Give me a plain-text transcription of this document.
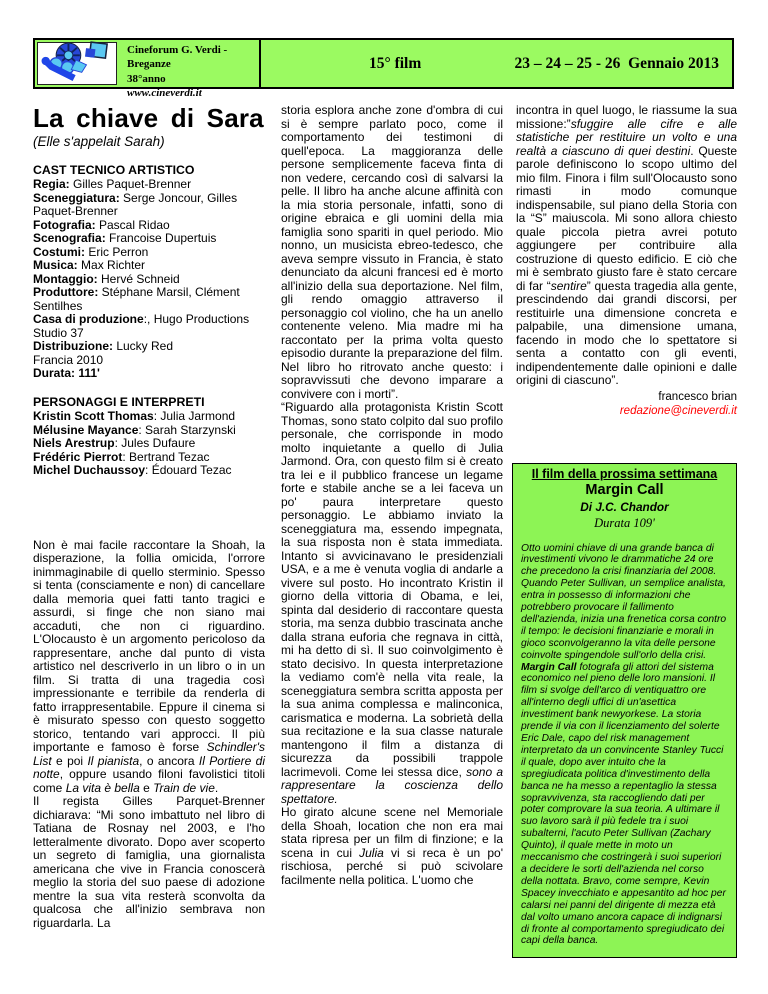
Cineforum G. Verdi - Breganze
38°anno
www.cineverdi.it
15° film	23 – 24 – 25 - 26  Gennaio 2013
La chiave di Sara

(Elle s'appelait Sarah)

CAST TECNICO ARTISTICO

Regia: Gilles Paquet-Brenner

Sceneggiatura: Serge Joncour, Gilles Paquet-Brenner

Fotografia: Pascal Ridao

Scenografia: Francoise Dupertuis

Costumi: Eric Perron

Musica: Max Richter

Montaggio: Hervé Schneid

Produttore: Stéphane Marsil, Clément Sentilhes

Casa di produzione:, Hugo Productions Studio 37

Distribuzione: Lucky Red

Francia 2010

Durata: 111'

PERSONAGGI E INTERPRETI

Kristin Scott Thomas: Julia Jarmond

Mélusine Mayance: Sarah Starzynski

Niels Arestrup: Jules Dufaure

Frédéric Pierrot: Bertrand Tezac

Michel Duchaussoy: Édouard Tezac

Non è mai facile raccontare la Shoah, la disperazione, la follia omicida, l'orrore inimmaginabile di quello sterminio. Spesso si tenta (consciamente e non) di cancellare dalla memoria quei fatti tanto tragici e assurdi, si finge che non siano mai accaduti, che non ci riguardino. L'Olocausto è un argomento pericoloso da rappresentare, anche dal punto di vista artistico nel descriverlo in un libro o in un film. Si tratta di una tragedia così impressionante e terribile da renderla di fatto irrappresentabile. Eppure il cinema si è misurato spesso con questo soggetto storico, tentando vari approcci. Il più importante e famoso è forse Schindler's List e poi Il pianista, o ancora Il Portiere di notte, oppure usando filoni favolistici titoli come La vita è bella e Train de vie.

Il regista Gilles Parquet-Brenner dichiarava: “Mi sono imbattuto nel libro di Tatiana de Rosnay nel 2003, e l'ho letteralmente divorato. Dopo aver scoperto un segreto di famiglia, una giornalista americana che vive in Francia conoscerà meglio la storia del suo paese di adozione mentre la sua vita resterà sconvolta da qualcosa che all'inizio sembrava non riguardarla. La

storia esplora anche zone d'ombra di cui si è sempre parlato poco, come il comportamento dei testimoni di quell'epoca. La maggioranza delle persone semplicemente faceva finta di non vedere, cercando così di salvarsi la pelle. Il libro ha anche alcune affinità con la mia storia personale, infatti, sono di origine ebraica e gli uomini della mia famiglia sono spariti in quel periodo. Mio nonno, un musicista ebreo-tedesco, che aveva sempre vissuto in Francia, è stato denunciato da alcuni francesi ed è morto all'inizio della sua deportazione. Nel film, gli rendo omaggio attraverso il personaggio col violino, che ha un anello contenente veleno. Mia madre mi ha raccontato per la prima volta questo episodio durante la preparazione del film. Nel libro ho ritrovato anche questo: i sopravvissuti che devono imparare a convivere con i morti”.

“Riguardo alla protagonista Kristin Scott Thomas, sono stato colpito dal suo profilo personale, che corrisponde in modo molto inquietante a quello di Julia Jarmond. Ora, con questo film si è creato tra lei e il pubblico francese un legame forte e stabile anche se a lei faceva un po' paura interpretare questo personaggio. Le abbiamo inviato la sceneggiatura ma, essendo impegnata, la sua risposta non è stata immediata. Intanto si avvicinavano le presidenziali USA, e a me è venuta voglia di andarle a vivere sul posto. Ho incontrato Kristin il giorno della vittoria di Obama, e lei, spinta dal desiderio di raccontare questa storia, ma senza dubbio trascinata anche dalla strana euforia che regnava in città, mi ha detto di sì. Il suo coinvolgimento è stato decisivo. In questa interpretazione la vediamo com'è nella vita reale, la sceneggiatura sembra scritta apposta per la sua anima complessa e malinconica, carismatica e moderna. La sobrietà della sua recitazione e la sua classe naturale mantengono il film a distanza di sicurezza da possibili trappole lacrimevoli. Come lei stessa dice, sono a rappresentare la coscienza dello spettatore.

Ho girato alcune scene nel Memoriale della Shoah, location che non era mai stata ripresa per un film di finzione; e la scena in cui Julia vi si reca è un po' rischiosa, perché si può scivolare facilmente nella politica. L'uomo che

incontra in quel luogo, le riassume la sua missione:”sfuggire alle cifre e alle statistiche per restituire un volto e una realtà a ciascuno di quei destini. Queste parole definiscono lo scopo ultimo del mio film. Finora i film sull'Olocausto sono rimasti in modo comunque indispensabile, sul piano della Storia con la “S” maiuscola. Mi sono allora chiesto quale piccola pietra avrei potuto aggiungere per contribuire alla costruzione di questo edificio. E ciò che mi è sembrato giusto fare è stato cercare di far “sentire” questa tragedia alla gente, prescindendo dai grandi discorsi, per restituirle una dimensione concreta e palpabile, una dimensione umana, facendo in modo che lo spettatore si senta a contatto con gli eventi, indipendentemente dalle opinioni e dalle origini di ciascuno”.

francesco brian
redazione@cineverdi.it

Il film della prossima settimana

Margin Call

Di J.C. Chandor

Durata 109'

Otto uomini chiave di una grande banca di investimenti vivono le drammatiche 24 ore che precedono la crisi finanziaria del 2008. Quando Peter Sullivan, un semplice analista, entra in possesso di informazioni che potrebbero provocare il fallimento dell'azienda, inizia una frenetica corsa contro il tempo: le decisioni finanziarie e morali in gioco sconvolgeranno la vita delle persone coinvolte spingendole sull'orlo della crisi. Margin Call fotografa gli attori del sistema economico nel pieno delle loro mansioni. Il film si svolge dell'arco di ventiquattro ore all'interno degli uffici di un'asettica investiment bank newyorkese. La storia prende il via con il licenziamento del solerte Eric Dale, capo del risk management interpretato da un convincente Stanley Tucci il quale, dopo aver intuito che la spregiudicata politica d'investimento della banca ne ha messo a repentaglio la stessa sopravvivenza, sta raccogliendo dati per poter comprovare la sua teoria. A ultimare il suo lavoro sarà il più fedele tra i suoi subalterni, l'acuto Peter Sullivan (Zachary Quinto), il quale mette in moto un meccanismo che costringerà i suoi superiori a decidere le sorti dell'azienda nel corso della nottata. Bravo, come sempre, Kevin Spacey invecchiato e appesantito ad hoc per calarsi nei panni del dirigente di mezza età dal volto umano ancora capace di indignarsi di fronte al comportamento spregiudicato dei capi della banca.
